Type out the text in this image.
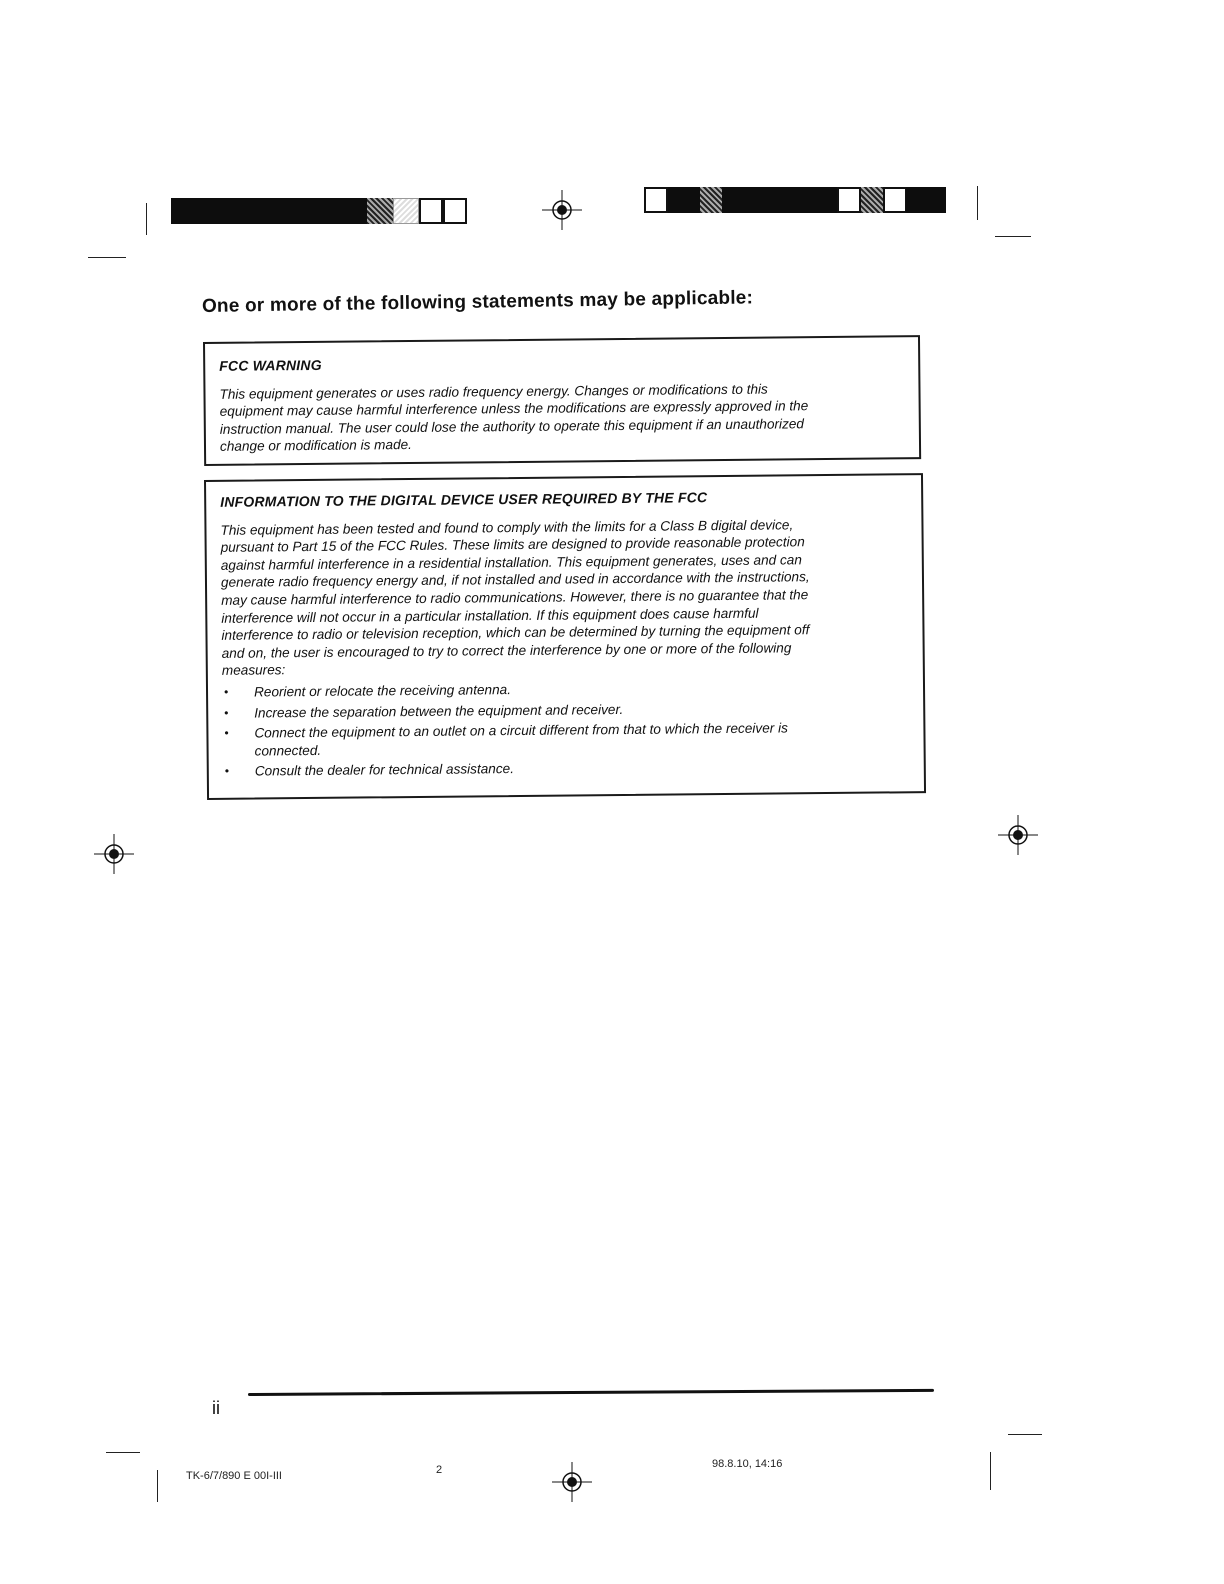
One or more of the following statements may be applicable:
FCC WARNING

This equipment generates or uses radio frequency energy. Changes or modifications to this

equipment may cause harmful interference unless the modifications are expressly approved in the

instruction manual. The user could lose the authority to operate this equipment if an unauthorized

change or modification is made.

INFORMATION TO THE DIGITAL DEVICE USER REQUIRED BY THE FCC

This equipment has been tested and found to comply with the limits for a Class B digital device,

pursuant to Part 15 of the FCC Rules. These limits are designed to provide reasonable protection

against harmful interference in a residential installation. This equipment generates, uses and can

generate radio frequency energy and, if not installed and used in accordance with the instructions,

may cause harmful interference to radio communications. However, there is no guarantee that the

interference will not occur in a particular installation. If this equipment does cause harmful

interference to radio or television reception, which can be determined by turning the equipment off

and on, the user is encouraged to try to correct the interference by one or more of the following

measures:

• Reorient or relocate the receiving antenna.
• Increase the separation between the equipment and receiver.
• Connect the equipment to an outlet on a circuit different from that to which the receiver is connected.
• Consult the dealer for technical assistance.
ii
TK-6/7/890 E 00I-III	2	98.8.10, 14:16
